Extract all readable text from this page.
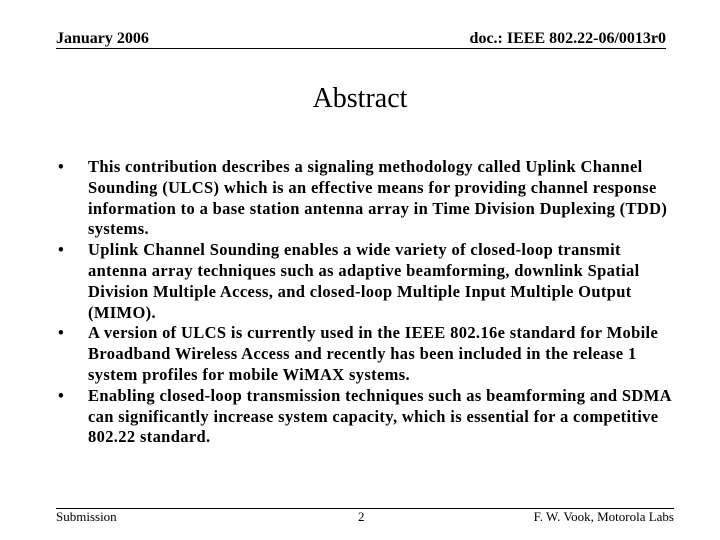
January 2006	doc.: IEEE 802.22-06/0013r0
Abstract
•	This contribution describes a signaling methodology called Uplink Channel Sounding (ULCS) which is an effective means for providing channel response information to a base station antenna array in Time Division Duplexing (TDD) systems.
•	Uplink Channel Sounding enables a wide variety of closed-loop transmit antenna array techniques such as adaptive beamforming, downlink Spatial Division Multiple Access, and closed-loop Multiple Input Multiple Output (MIMO).
•	A version of ULCS is currently used in the IEEE 802.16e standard for Mobile Broadband Wireless Access and recently has been included in the release 1 system profiles for mobile WiMAX systems.
•	Enabling closed-loop transmission techniques such as beamforming and SDMA can significantly increase system capacity, which is essential for a competitive 802.22 standard.
Submission	2	F. W. Vook, Motorola Labs
